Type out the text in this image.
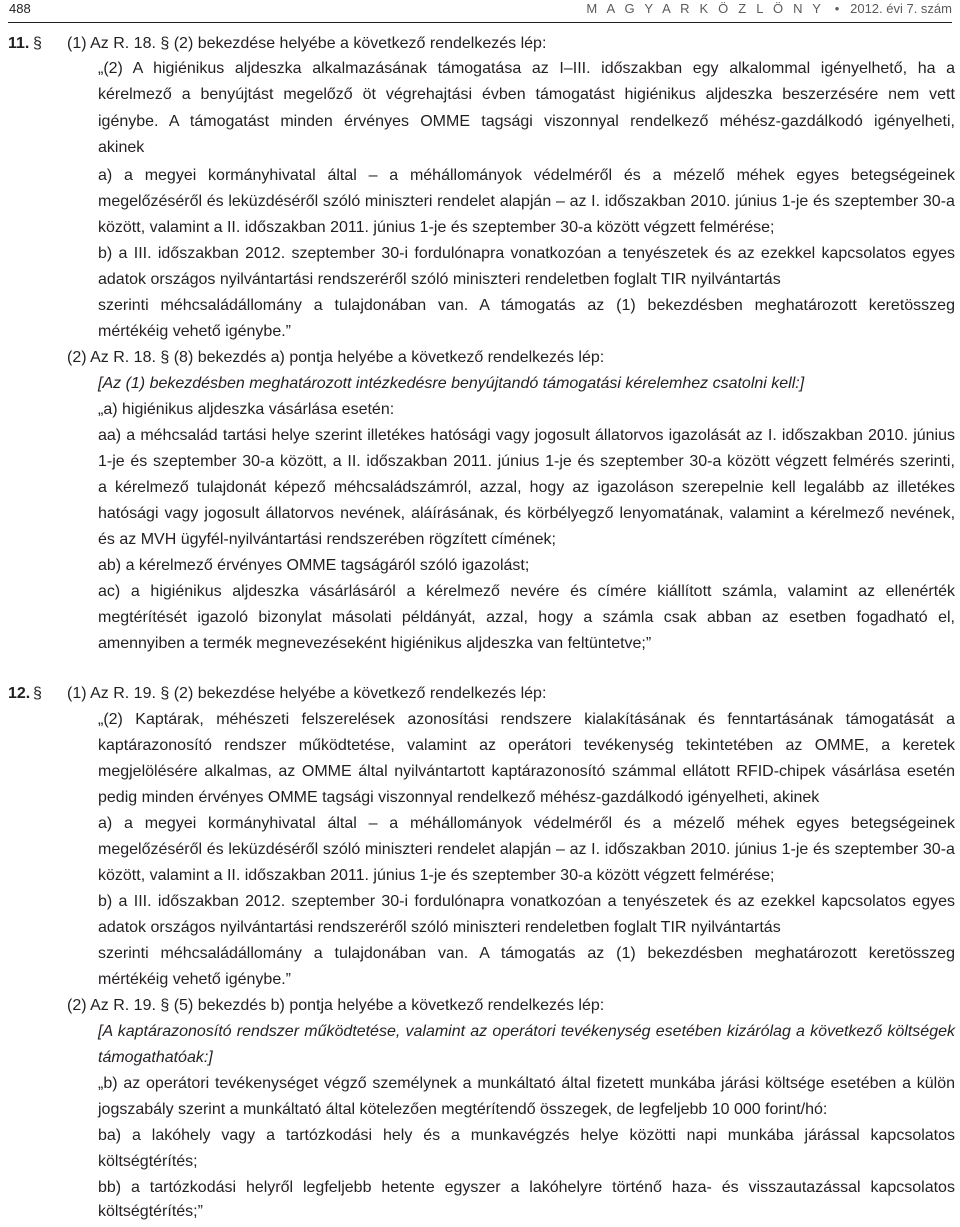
488	M A G Y A R K Ö Z L Ö N Y • 2012. évi 7. szám
11. § (1) Az R. 18. § (2) bekezdése helyébe a következő rendelkezés lép:
„(2) A higiénikus aljdeszka alkalmazásának támogatása az I–III. időszakban egy alkalommal igényelhető, ha a
kérelmező a benyújtást megelőző öt végrehajtási évben támogatást higiénikus aljdeszka beszerzésére nem vett
igénybe. A támogatást minden érvényes OMME tagsági viszonnyal rendelkező méhész-gazdálkodó igényelheti,
akinek
a) a megyei kormányhivatal által – a méhállományok védelméről és a mézelő méhek egyes betegségeinek
megelőzéséről és leküzdéséről szóló miniszteri rendelet alapján – az I. időszakban 2010. június 1-je és szeptember 30-a
között, valamint a II. időszakban 2011. június 1-je és szeptember 30-a között végzett felmérése;
b) a III. időszakban 2012. szeptember 30-i fordulónapra vonatkozóan a tenyészetek és az ezekkel kapcsolatos egyes
adatok országos nyilvántartási rendszeréről szóló miniszteri rendeletben foglalt TIR nyilvántartás
szerinti méhcsaládállomány a tulajdonában van. A támogatás az (1) bekezdésben meghatározott keretösszeg
mértékéig vehető igénybe.”
(2) Az R. 18. § (8) bekezdés a) pontja helyébe a következő rendelkezés lép:
[Az (1) bekezdésben meghatározott intézkedésre benyújtandó támogatási kérelemhez csatolni kell:]
„a) higiénikus aljdeszka vásárlása esetén:
aa) a méhcsalád tartási helye szerint illetékes hatósági vagy jogosult állatorvos igazolását az I. időszakban 2010. június
1-je és szeptember 30-a között, a II. időszakban 2011. június 1-je és szeptember 30-a között végzett felmérés szerinti,
a kérelmező tulajdonát képező méhcsaládszámról, azzal, hogy az igazoláson szerepelnie kell legalább az illetékes
hatósági vagy jogosult állatorvos nevének, aláírásának, és körbélyegző lenyomatának, valamint a kérelmező nevének,
és az MVH ügyfél-nyilvántartási rendszerében rögzített címének;
ab) a kérelmező érvényes OMME tagságáról szóló igazolást;
ac) a higiénikus aljdeszka vásárlásáról a kérelmező nevére és címére kiállított számla, valamint az ellenérték
megtérítését igazoló bizonylat másolati példányát, azzal, hogy a számla csak abban az esetben fogadható el,
amennyiben a termék megnevezéseként higiénikus aljdeszka van feltüntetve;”
12. § (1) Az R. 19. § (2) bekezdése helyébe a következő rendelkezés lép:
„(2) Kaptárak, méhészeti felszerelések azonosítási rendszere kialakításának és fenntartásának támogatását a
kaptárazonosító rendszer működtetése, valamint az operátori tevékenység tekintetében az OMME, a keretek
megjelölésére alkalmas, az OMME által nyilvántartott kaptárazonosító számmal ellátott RFID-chipek vásárlása esetén
pedig minden érvényes OMME tagsági viszonnyal rendelkező méhész-gazdálkodó igényelheti, akinek
a) a megyei kormányhivatal által – a méhállományok védelméről és a mézelő méhek egyes betegségeinek
megelőzéséről és leküzdéséről szóló miniszteri rendelet alapján – az I. időszakban 2010. június 1-je és szeptember 30-a
között, valamint a II. időszakban 2011. június 1-je és szeptember 30-a között végzett felmérése;
b) a III. időszakban 2012. szeptember 30-i fordulónapra vonatkozóan a tenyészetek és az ezekkel kapcsolatos egyes
adatok országos nyilvántartási rendszeréről szóló miniszteri rendeletben foglalt TIR nyilvántartás
szerinti méhcsaládállomány a tulajdonában van. A támogatás az (1) bekezdésben meghatározott keretösszeg
mértékéig vehető igénybe.”
(2) Az R. 19. § (5) bekezdés b) pontja helyébe a következő rendelkezés lép:
[A kaptárazonosító rendszer működtetése, valamint az operátori tevékenység esetében kizárólag a következő költségek
támogathatóak:]
„b) az operátori tevékenységet végző személynek a munkáltató által fizetett munkába járási költsége esetében a külön
jogszabály szerint a munkáltató által kötelezően megtérítendő összegek, de legfeljebb 10 000 forint/hó:
ba) a lakóhely vagy a tartózkodási hely és a munkavégzés helye közötti napi munkába járással kapcsolatos
költségtérítés;
bb) a tartózkodási helyről legfeljebb hetente egyszer a lakóhelyre történő haza- és visszautazással kapcsolatos
költségtérítés;”
